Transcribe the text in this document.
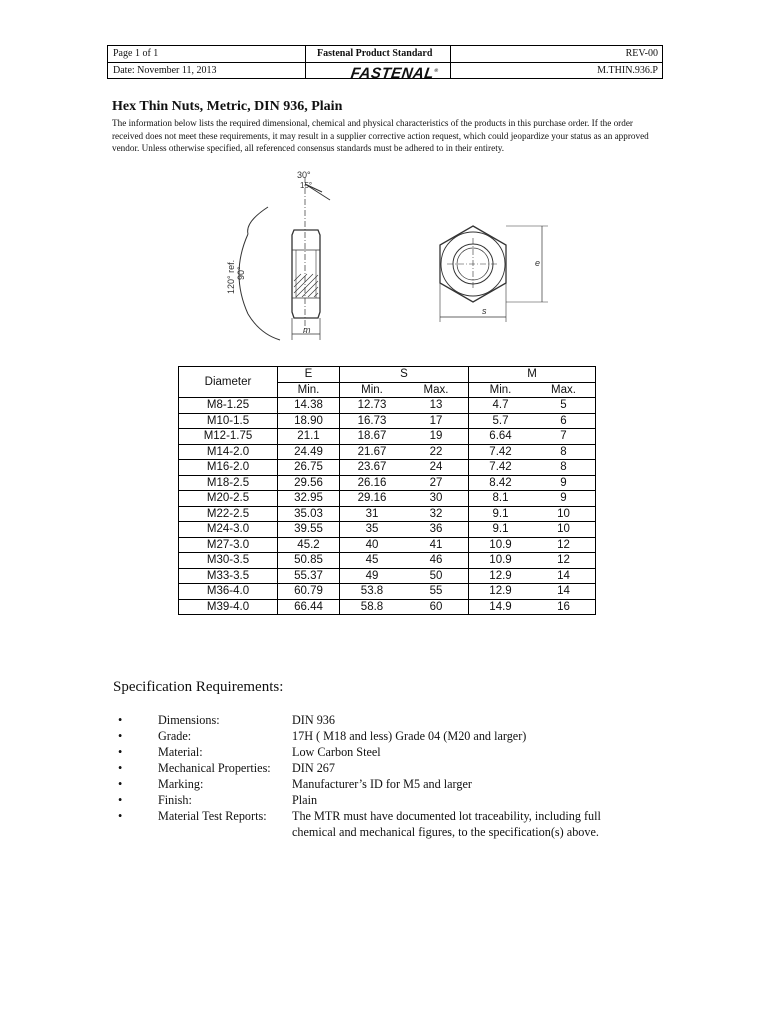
Page 1 of 1
Date: November 11, 2013
Fastenal Product Standard
FASTENAL®
REV-00
M.THIN.936.P
Hex Thin Nuts, Metric, DIN 936, Plain

The information below lists the required dimensional, chemical and physical characteristics of the products in this purchase order. If the order received does not meet these requirements, it may result in a supplier corrective action request, which could jeopardize your status as an approved vendor. Unless otherwise specified, all referenced consensus standards must be adhered to in their entirety.

30°
15°
120° ref. 90°
m
e
s
Diameter	E	S		M	
	Min.	Min.	Max.	Min.	Max.
M8-1.25	14.38	12.73	13	4.7	5
M10-1.5	18.90	16.73	17	5.7	6
M12-1.75	21.1	18.67	19	6.64	7
M14-2.0	24.49	21.67	22	7.42	8
M16-2.0	26.75	23.67	24	7.42	8
M18-2.5	29.56	26.16	27	8.42	9
M20-2.5	32.95	29.16	30	8.1	9
M22-2.5	35.03	31	32	9.1	10
M24-3.0	39.55	35	36	9.1	10
M27-3.0	45.2	40	41	10.9	12
M30-3.5	50.85	45	46	10.9	12
M33-3.5	55.37	49	50	12.9	14
M36-4.0	60.79	53.8	55	12.9	14
M39-4.0	66.44	58.8	60	14.9	16
Specification Requirements:
•	Dimensions:	DIN 936
•	Grade:	17H ( M18 and less) Grade 04 (M20 and larger)
•	Material:	Low Carbon Steel
•	Mechanical Properties: DIN 267
•	Marking:	Manufacturer’s ID for M5 and larger
•	Finish:	Plain
•	Material Test Reports: The MTR must have documented lot traceability, including full chemical and mechanical figures, to the specification(s) above.
